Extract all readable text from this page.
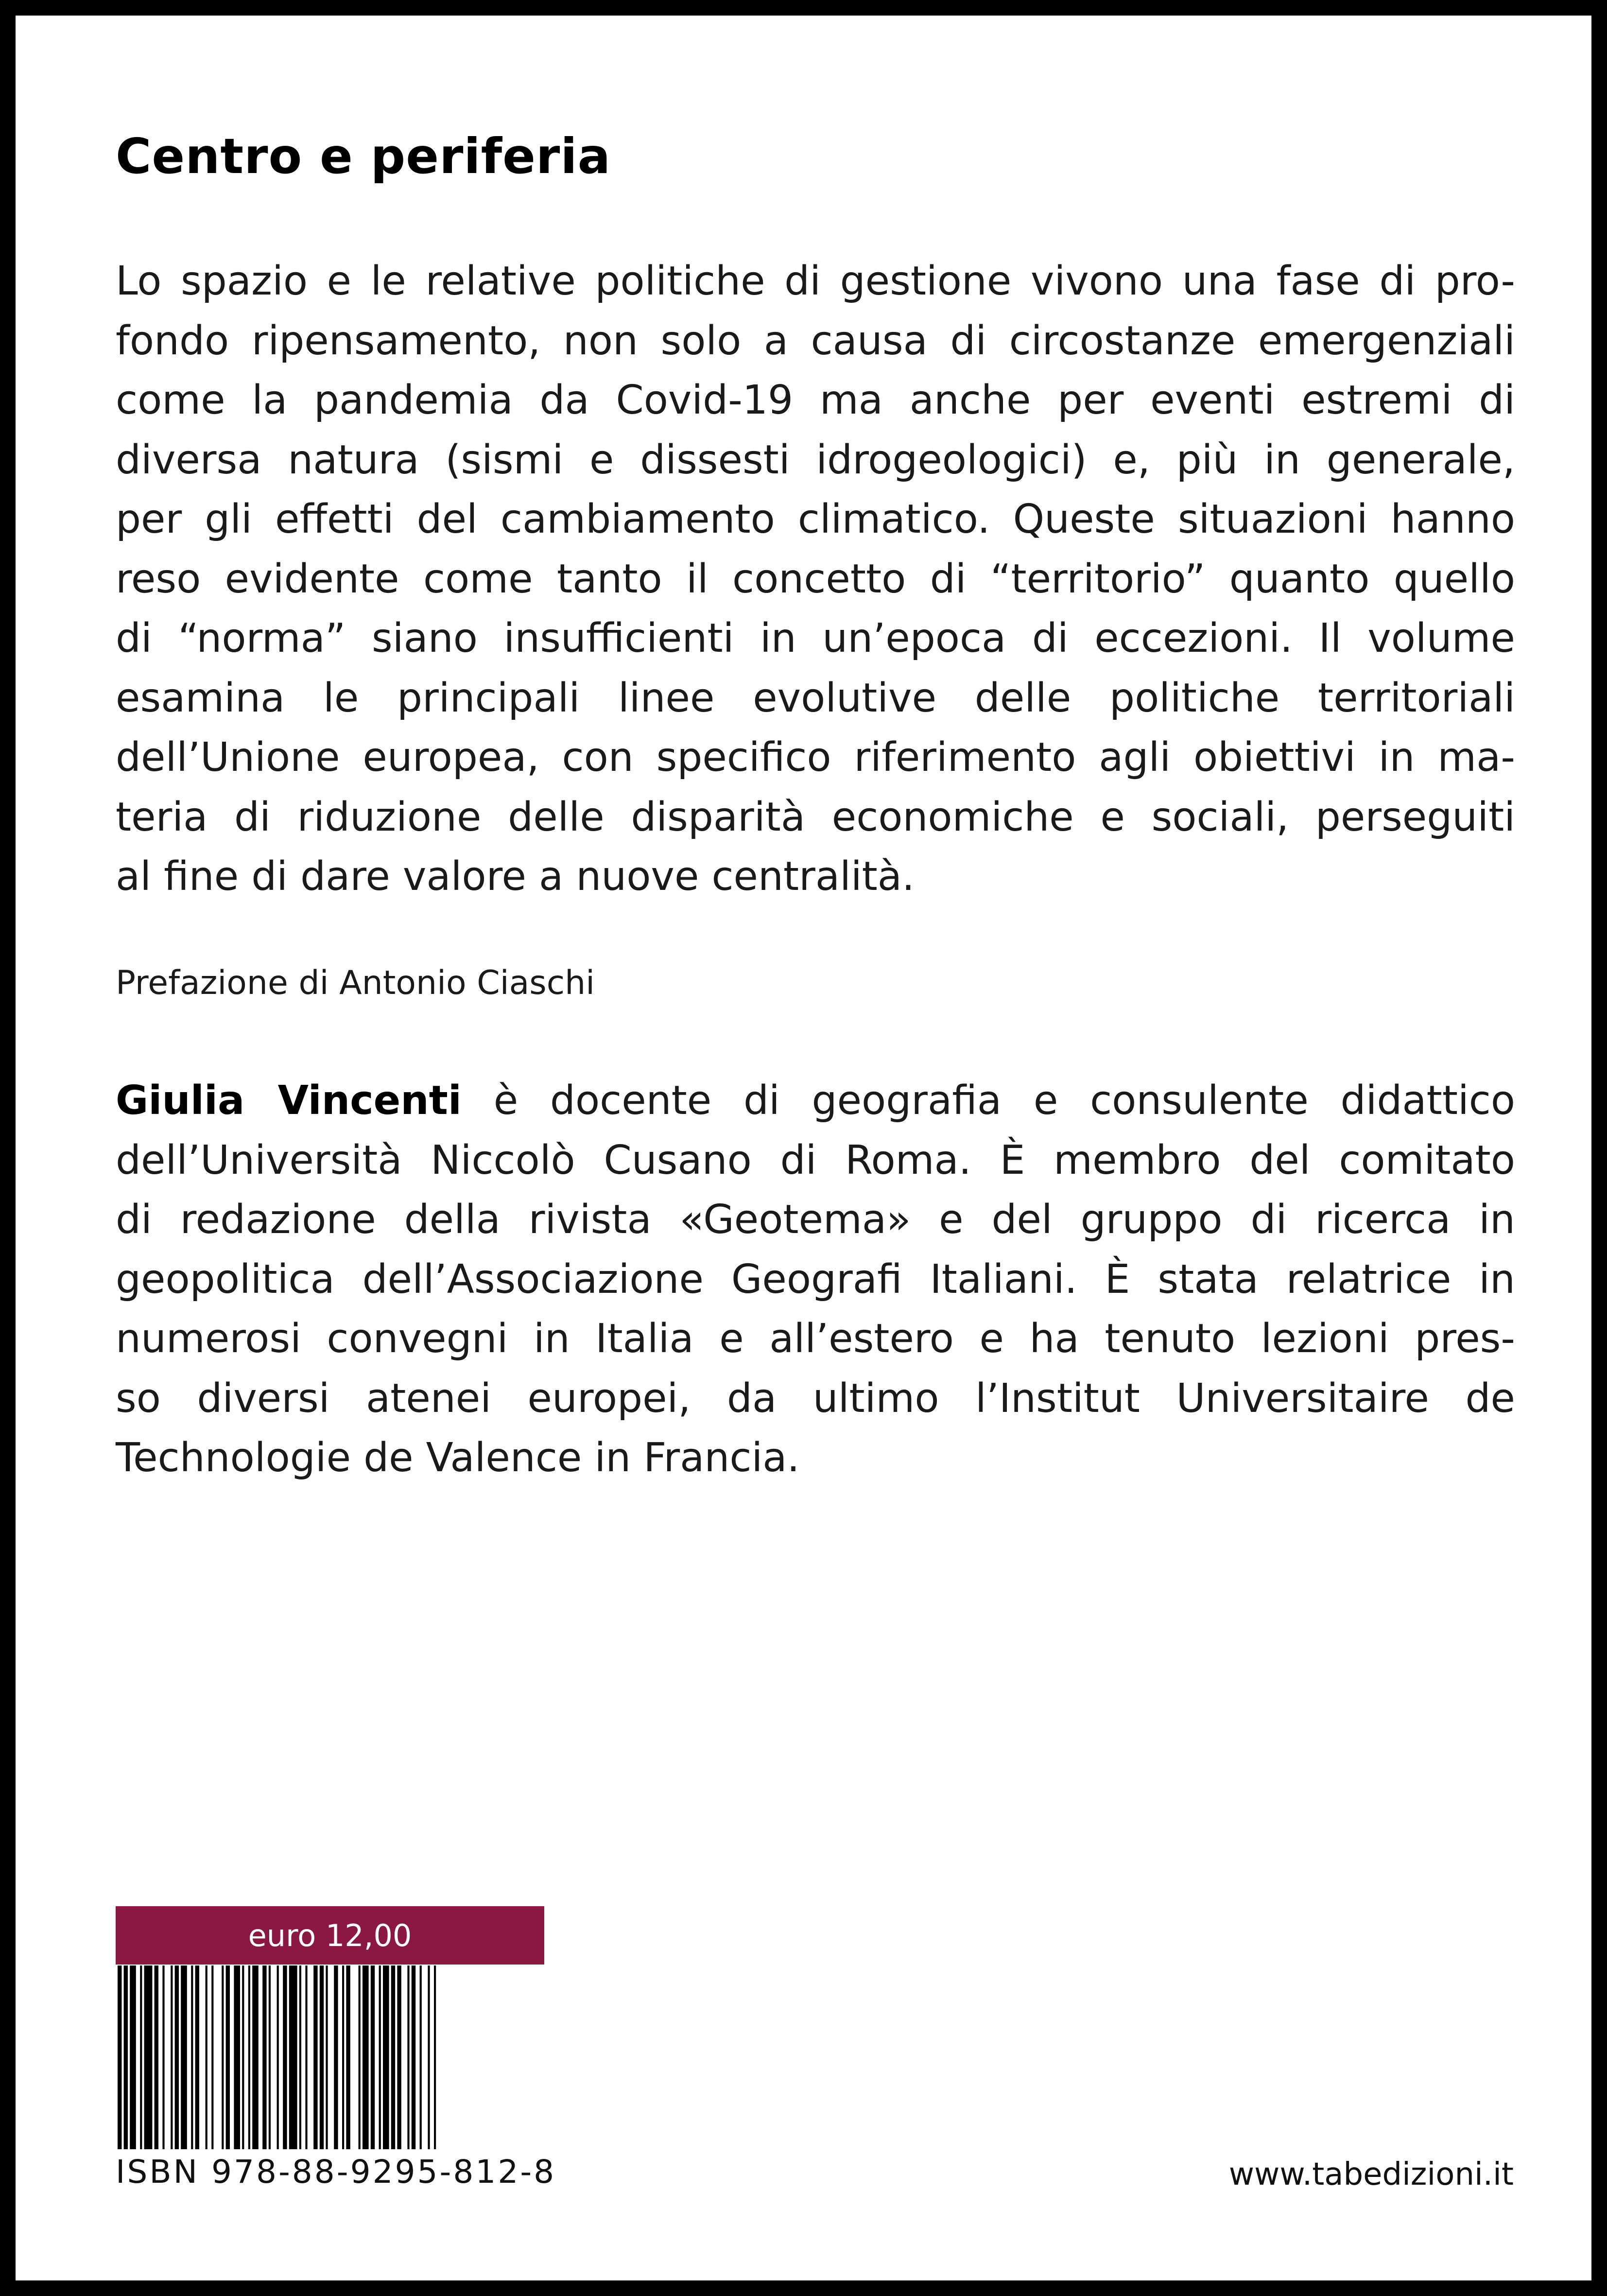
Centro e periferia
Lo spazio e le relative politiche di gestione vivono una fase di pro-
fondo ripensamento, non solo a causa di circostanze emergenziali
come la pandemia da Covid-19 ma anche per eventi estremi di
diversa natura (sismi e dissesti idrogeologici) e, più in generale,
per gli effetti del cambiamento climatico. Queste situazioni hanno
reso evidente come tanto il concetto di “territorio” quanto quello
di “norma” siano insufficienti in un’epoca di eccezioni. Il volume
esamina le principali linee evolutive delle politiche territoriali
dell’Unione europea, con specifico riferimento agli obiettivi in ma-
teria di riduzione delle disparità economiche e sociali, perseguiti
al fine di dare valore a nuove centralità.

Prefazione di Antonio Ciaschi

Giulia Vincenti è docente di geografia e consulente didattico
dell’Università Niccolò Cusano di Roma. È membro del comitato
di redazione della rivista «Geotema» e del gruppo di ricerca in
geopolitica dell’Associazione Geografi Italiani. È stata relatrice in
numerosi convegni in Italia e all’estero e ha tenuto lezioni pres-
so diversi atenei europei, da ultimo l’Institut Universitaire de
Technologie de Valence in Francia.
euro 12,00

ISBN 978-88-9295-812-8	www.tabedizioni.it
